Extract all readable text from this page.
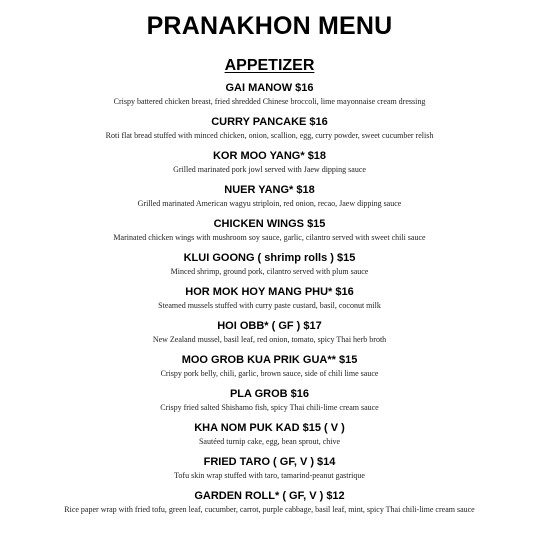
PRANAKHON MENU
APPETIZER
GAI MANOW $16
Crispy battered chicken breast, fried shredded Chinese broccoli, lime mayonnaise cream dressing
CURRY PANCAKE $16
Roti flat bread stuffed with minced chicken, onion, scallion, egg, curry powder, sweet cucumber relish
KOR MOO YANG* $18
Grilled marinated pork jowl served with Jaew dipping sauce
NUER YANG* $18
Grilled marinated American wagyu striploin, red onion, recao, Jaew dipping sauce
CHICKEN WINGS $15
Marinated chicken wings with mushroom soy sauce, garlic, cilantro served with sweet chili sauce
KLUI GOONG ( shrimp rolls ) $15
Minced shrimp, ground pork, cilantro served with plum sauce
HOR MOK HOY MANG PHU* $16
Steamed mussels stuffed with curry paste custard, basil, coconut milk
HOI OBB* ( GF ) $17
New Zealand mussel, basil leaf, red onion, tomato, spicy Thai herb broth
MOO GROB KUA PRIK GUA** $15
Crispy pork belly, chili, garlic, brown sauce, side of chili lime sauce
PLA GROB $16
Crispy fried salted Shishamo fish, spicy Thai chili-lime cream sauce
KHA NOM PUK KAD $15 ( V )
Sautéed turnip cake, egg, bean sprout, chive
FRIED TARO ( GF, V ) $14
Tofu skin wrap stuffed with taro, tamarind-peanut gastrique
GARDEN ROLL* ( GF, V ) $12
Rice paper wrap with fried tofu, green leaf, cucumber, carrot, purple cabbage, basil leaf, mint, spicy Thai chili-lime cream sauce
